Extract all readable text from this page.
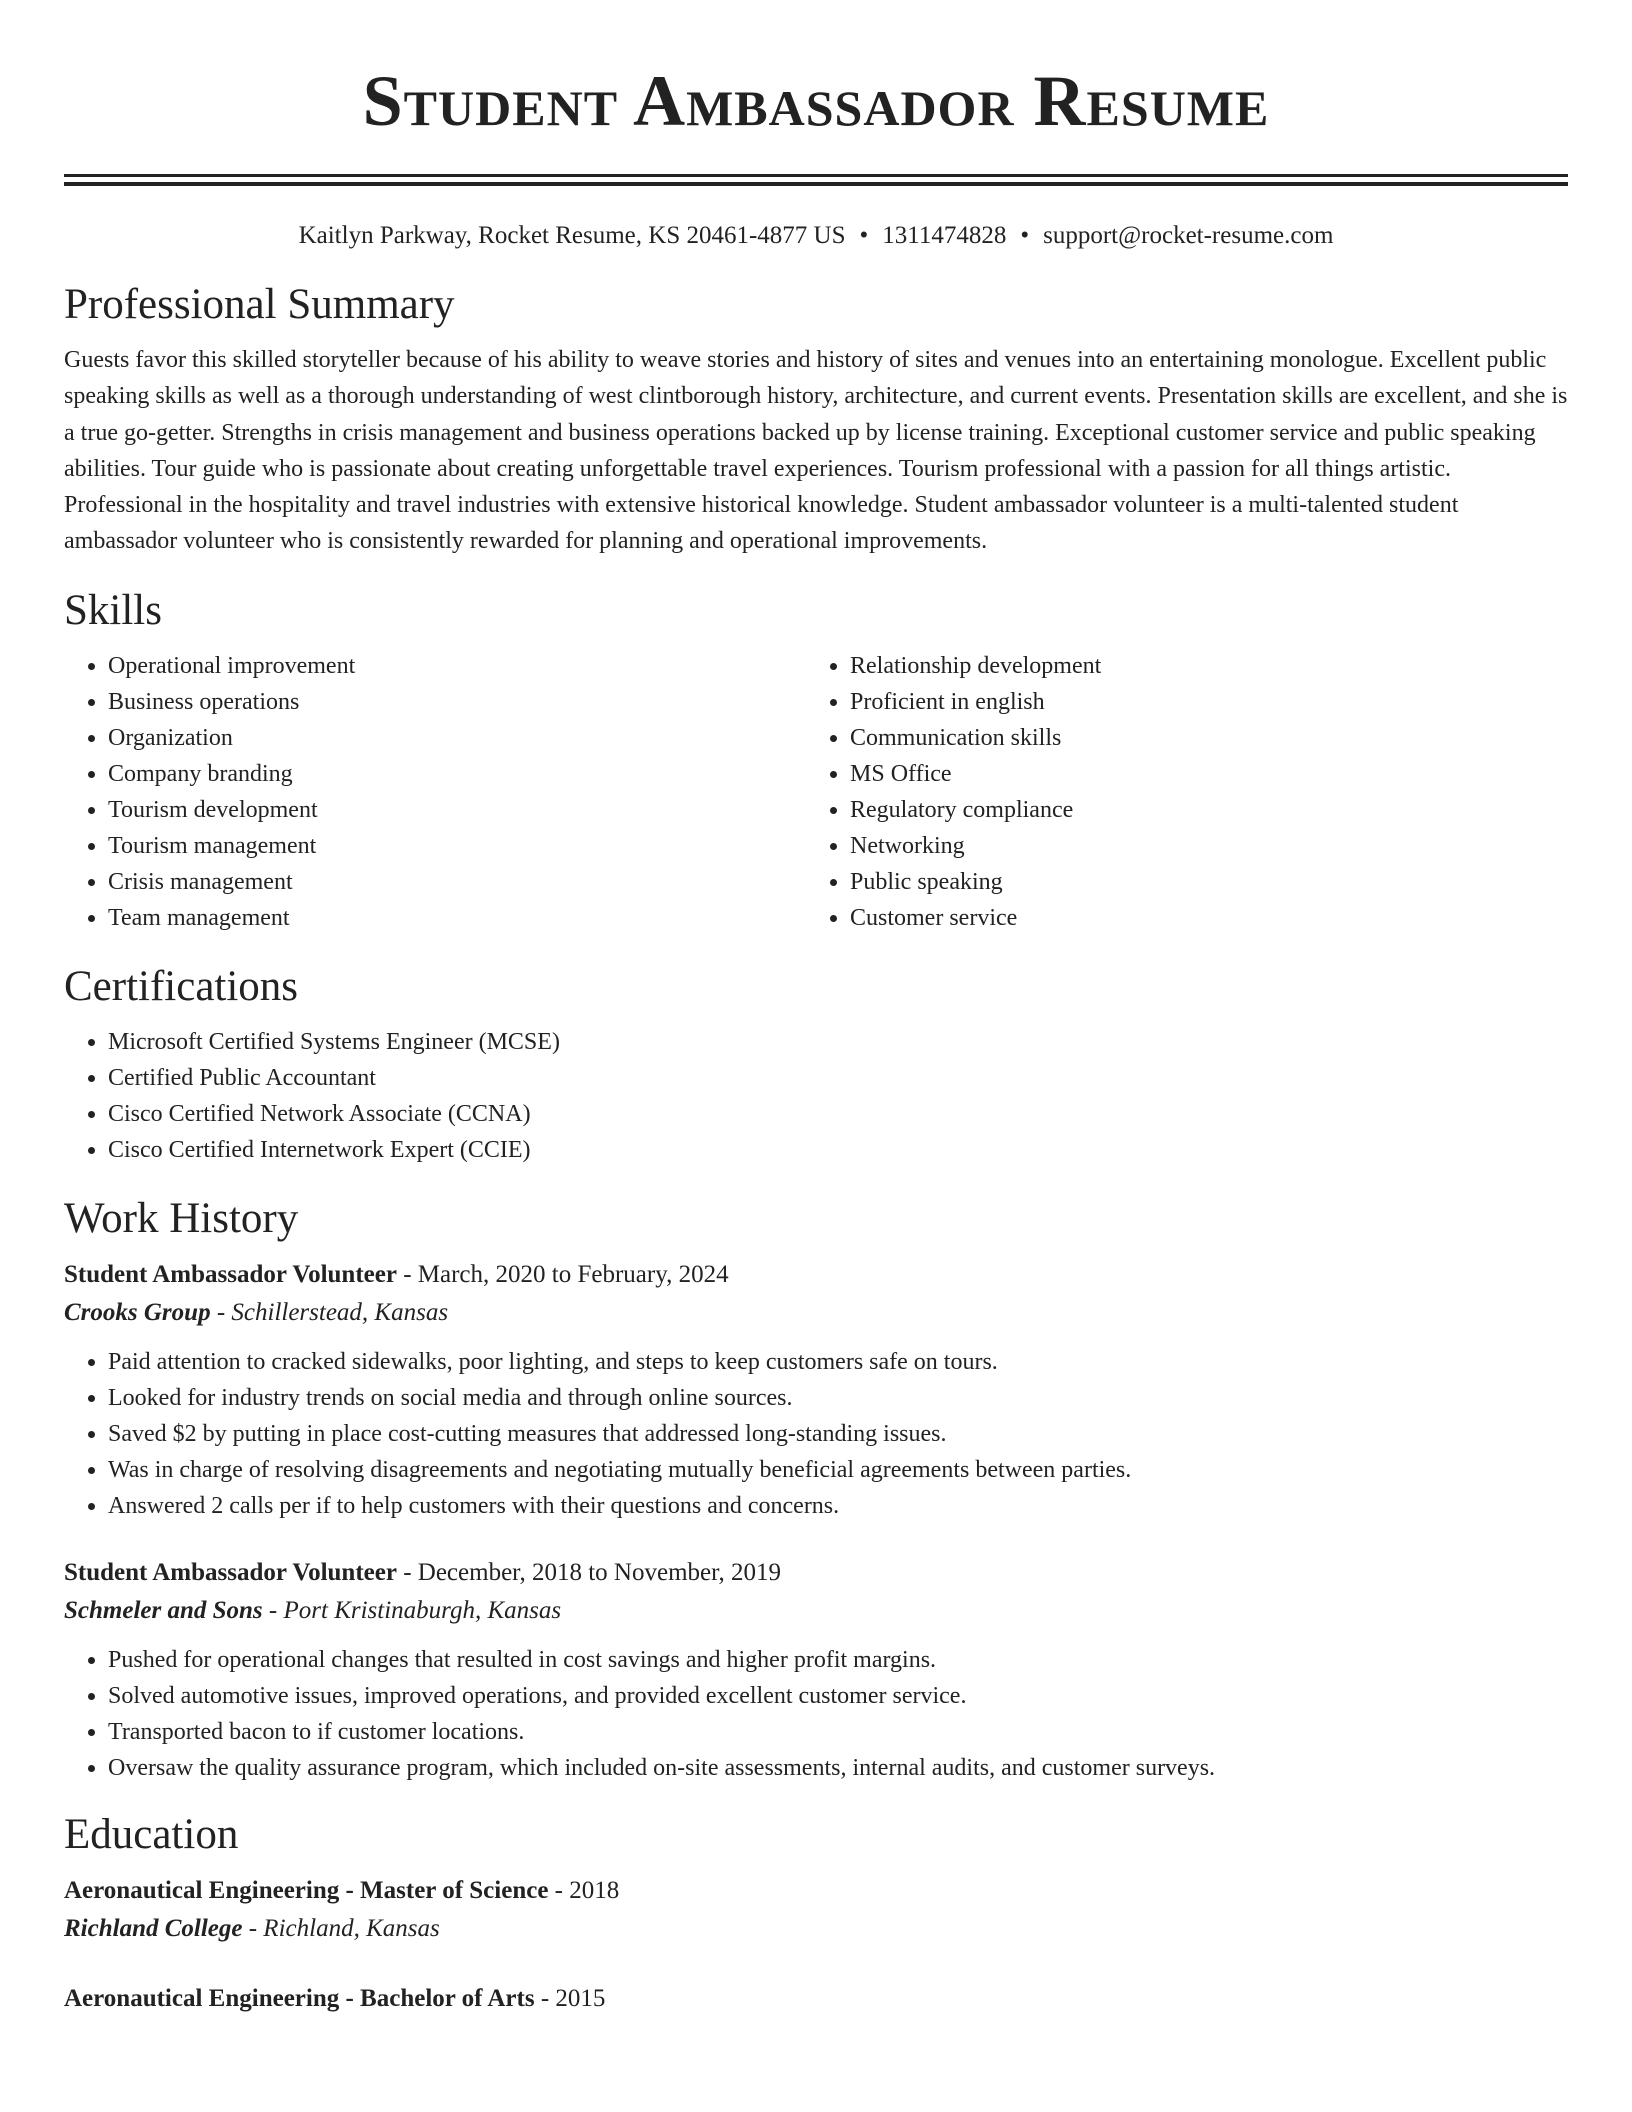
Student Ambassador Resume
Kaitlyn Parkway, Rocket Resume, KS 20461-4877 US • 1311474828 • support@rocket-resume.com
Professional Summary

Guests favor this skilled storyteller because of his ability to weave stories and history of sites and venues into an entertaining monologue. Excellent public speaking skills as well as a thorough understanding of west clintborough history, architecture, and current events. Presentation skills are excellent, and she is a true go-getter. Strengths in crisis management and business operations backed up by license training. Exceptional customer service and public speaking abilities. Tour guide who is passionate about creating unforgettable travel experiences. Tourism professional with a passion for all things artistic. Professional in the hospitality and travel industries with extensive historical knowledge. Student ambassador volunteer is a multi-talented student ambassador volunteer who is consistently rewarded for planning and operational improvements.

Skills
• Operational improvement
• Business operations
• Organization
• Company branding
• Tourism development
• Tourism management
• Crisis management
• Team management
• Relationship development
• Proficient in english
• Communication skills
• MS Office
• Regulatory compliance
• Networking
• Public speaking
• Customer service
Certifications
• Microsoft Certified Systems Engineer (MCSE)
• Certified Public Accountant
• Cisco Certified Network Associate (CCNA)
• Cisco Certified Internetwork Expert (CCIE)
Work History
Student Ambassador Volunteer - March, 2020 to February, 2024
Crooks Group - Schillerstead, Kansas
• Paid attention to cracked sidewalks, poor lighting, and steps to keep customers safe on tours.
• Looked for industry trends on social media and through online sources.
• Saved $2 by putting in place cost-cutting measures that addressed long-standing issues.
• Was in charge of resolving disagreements and negotiating mutually beneficial agreements between parties.
• Answered 2 calls per if to help customers with their questions and concerns.
Student Ambassador Volunteer - December, 2018 to November, 2019
Schmeler and Sons - Port Kristinaburgh, Kansas
• Pushed for operational changes that resulted in cost savings and higher profit margins.
• Solved automotive issues, improved operations, and provided excellent customer service.
• Transported bacon to if customer locations.
• Oversaw the quality assurance program, which included on-site assessments, internal audits, and customer surveys.
Education
Aeronautical Engineering - Master of Science - 2018
Richland College - Richland, Kansas
Aeronautical Engineering - Bachelor of Arts - 2015
